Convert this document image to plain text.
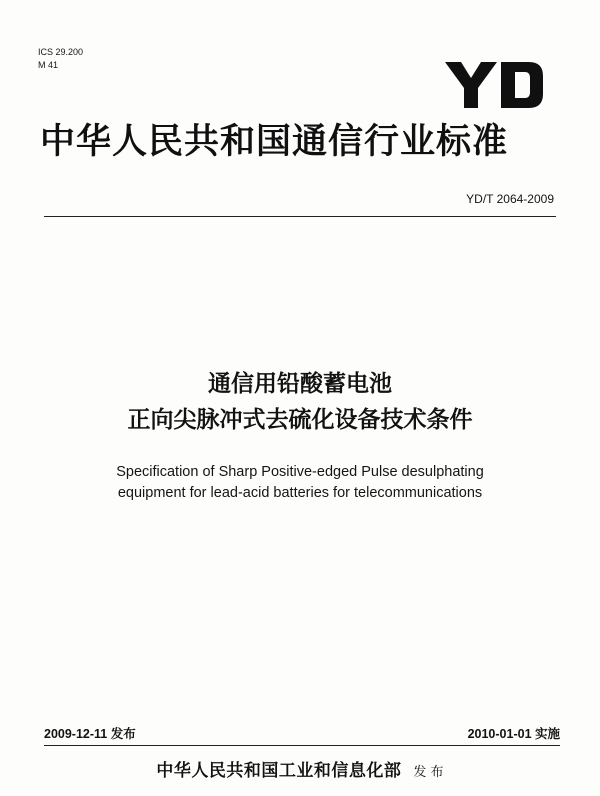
ICS 29.200
M 41
中华人民共和国通信行业标准
YD/T 2064-2009
通信用铅酸蓄电池
正向尖脉冲式去硫化设备技术条件
Specification of Sharp Positive-edged Pulse desulphating
equipment for lead-acid batteries for telecommunications
2009-12-11 发布	2010-01-01 实施
中华人民共和国工业和信息化部 发 布
